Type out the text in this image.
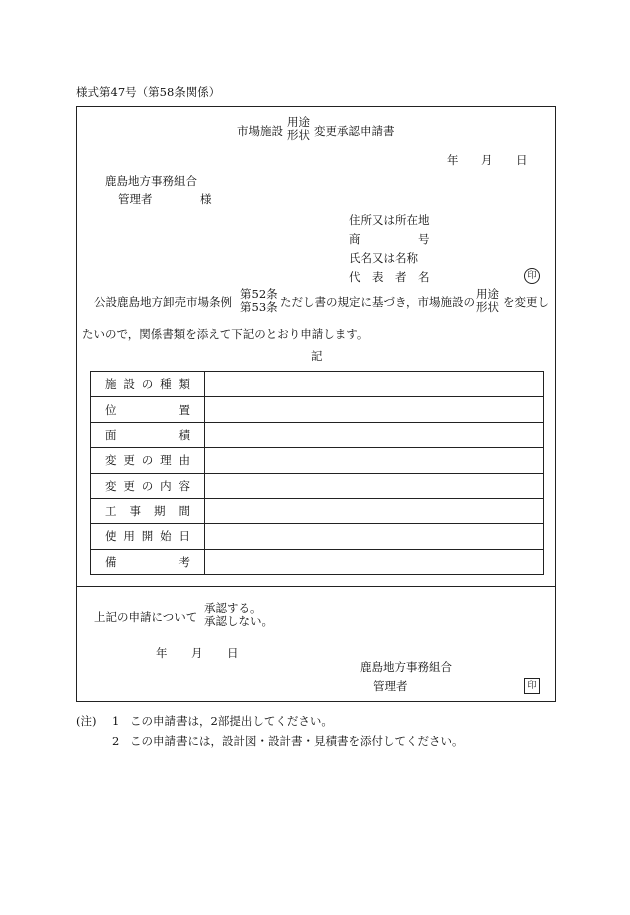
様式第47号（第58条関係）
市場施設
用途
形状 変更承認申請書
年 月 日
鹿島地方事務組合
管理者	様
住所又は所在地
商　　　　　号
氏名又は名称
代　表　者　名	印
公設鹿島地方卸売市場条例
第52条
第53条 ただし書の規定に基づき，市場施設の
用途
形状 を変更し
たいので，関係書類を添えて下記のとおり申請します。
記
施 設 の 種 類	

位 置	

面 積	

変 更 の 理 由	

変 更 の 内 容	

工 事 期 間	

使 用 開 始 日	

備 考	

上記の申請について
承認する。
承認しない。
年 月 日
鹿島地方事務組合
管理者	印
(注) 1 この申請書は，2部提出してください。
2 この申請書には，設計図・設計書・見積書を添付してください。
